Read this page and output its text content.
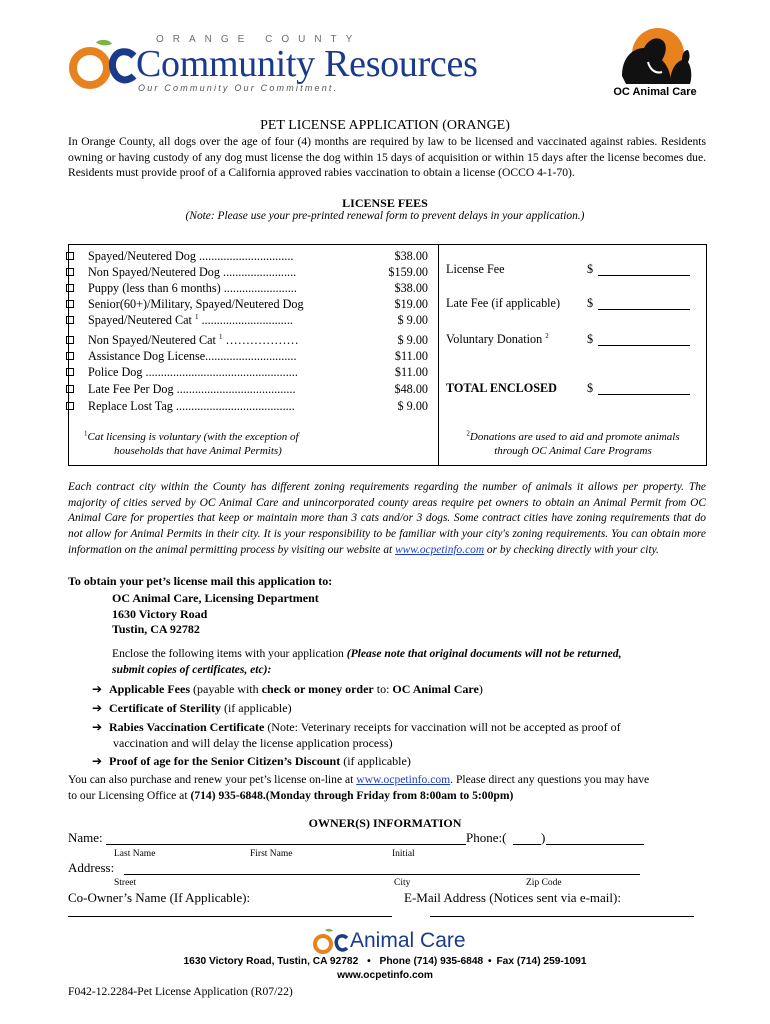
ORANGE COUNTY
Community Resources
Our Community Our Commitment.	OC Animal Care
PET LICENSE APPLICATION (ORANGE)
In Orange County, all dogs over the age of four (4) months are required by law to be licensed and vaccinated against rabies. Residents owning or having custody of any dog must license the dog within 15 days of acquisition or within 15 days after the license becomes due. Residents must provide proof of a California approved rabies vaccination to obtain a license (OCCO 4-1-70).
LICENSE FEES
(Note: Please use your pre-printed renewal form to prevent delays in your application.)
Spayed/Neutered Dog ...............................	$38.00
Non Spayed/Neutered Dog ........................	$159.00
Puppy (less than 6 months) ........................	$38.00
Senior(60+)/Military, Spayed/Neutered Dog	$19.00
Spayed/Neutered Cat $^1$ ..............................	$ 9.00
Non Spayed/Neutered Cat $^1$ ………………	$ 9.00
Assistance Dog License..............................	$11.00
Police Dog ..................................................	$11.00
Late Fee Per Dog .......................................	$48.00
Replace Lost Tag .......................................	$ 9.00
License Fee	$
Late Fee (if applicable) $
Voluntary Donation $^2$	$
TOTAL ENCLOSED $
$^1$Cat licensing is voluntary (with the exception of
households that have Animal Permits)
$^2$Donations are used to aid and promote animals
through OC Animal Care Programs
Each contract city within the County has different zoning requirements regarding the number of animals it allows per property. The majority of cities served by OC Animal Care and unincorporated county areas require pet owners to obtain an Animal Permit from OC Animal Care for properties that keep or maintain more than 3 cats and/or 3 dogs. Some contract cities have zoning requirements that do not allow for Animal Permits in their city. It is your responsibility to be familiar with your city's zoning requirements. You can obtain more information on the animal permitting process by visiting our website at www.ocpetinfo.com or by checking directly with your city.
To obtain your pet’s license mail this application to:
OC Animal Care, Licensing Department
1630 Victory Road
Tustin, CA 92782
Enclose the following items with your application (Please note that original documents will not be returned,
submit copies of certificates, etc):
➔ Applicable Fees (payable with check or money order to: OC Animal Care)
➔ Certificate of Sterility (if applicable)
➔ Rabies Vaccination Certificate (Note: Veterinary receipts for vaccination will not be accepted as proof of
vaccination and will delay the license application process)
➔ Proof of age for the Senior Citizen’s Discount (if applicable)
You can also purchase and renew your pet’s license on-line at www.ocpetinfo.com. Please direct any questions you may have
to our Licensing Office at (714) 935-6848.(Monday through Friday from 8:00am to 5:00pm)
OWNER(S) INFORMATION
Name:	Phone:(	)
Last Name	First Name	Initial
Address:
Street	City	Zip Code
Co-Owner’s Name (If Applicable):	E-Mail Address (Notices sent via e-mail):
Animal Care
1630 Victory Road, Tustin, CA 92782 • Phone (714) 935-6848 • Fax (714) 259-1091
www.ocpetinfo.com
F042-12.2284-Pet License Application (R07/22)
